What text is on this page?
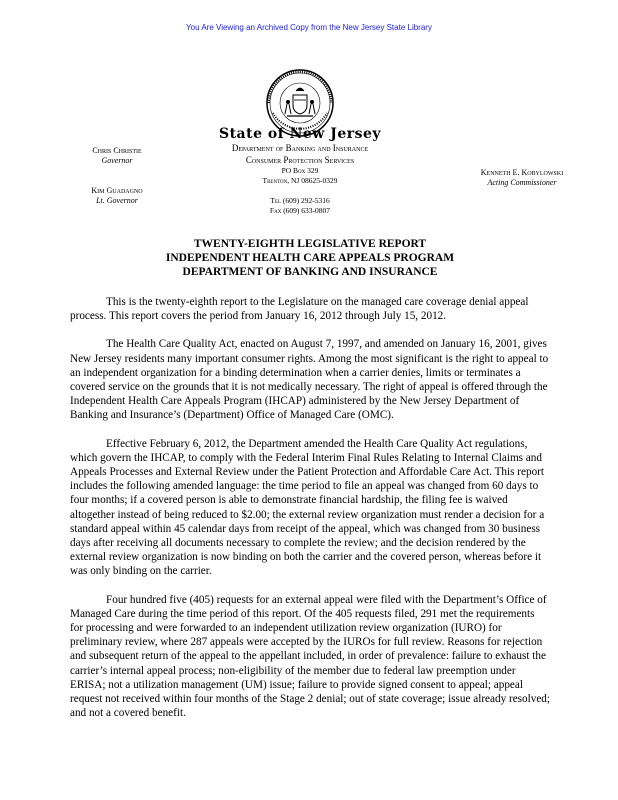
You Are Viewing an Archived Copy from the New Jersey State Library
Chris Christie
Governor
Kim Guadagno
Lt. Governor
State of New Jersey
Department of Banking and Insurance
Consumer Protection Services
PO Box 329
Trenton, NJ 08625-0329
Tel (609) 292-5316
Fax (609) 633-0807
Kenneth E. Kobylowski
Acting Commissioner
TWENTY-EIGHTH LEGISLATIVE REPORT
INDEPENDENT HEALTH CARE APPEALS PROGRAM
DEPARTMENT OF BANKING AND INSURANCE

This is the twenty-eighth report to the Legislature on the managed care coverage denial appeal process. This report covers the period from January 16, 2012 through July 15, 2012.

The Health Care Quality Act, enacted on August 7, 1997, and amended on January 16, 2001, gives New Jersey residents many important consumer rights. Among the most significant is the right to appeal to an independent organization for a binding determination when a carrier denies, limits or terminates a covered service on the grounds that it is not medically necessary. The right of appeal is offered through the Independent Health Care Appeals Program (IHCAP) administered by the New Jersey Department of Banking and Insurance’s (Department) Office of Managed Care (OMC).

Effective February 6, 2012, the Department amended the Health Care Quality Act regulations, which govern the IHCAP, to comply with the Federal Interim Final Rules Relating to Internal Claims and Appeals Processes and External Review under the Patient Protection and Affordable Care Act. This report includes the following amended language: the time period to file an appeal was changed from 60 days to four months; if a covered person is able to demonstrate financial hardship, the filing fee is waived altogether instead of being reduced to $2.00; the external review organization must render a decision for a standard appeal within 45 calendar days from receipt of the appeal, which was changed from 30 business days after receiving all documents necessary to complete the review; and the decision rendered by the external review organization is now binding on both the carrier and the covered person, whereas before it was only binding on the carrier.

Four hundred five (405) requests for an external appeal were filed with the Department’s Office of Managed Care during the time period of this report. Of the 405 requests filed, 291 met the requirements for processing and were forwarded to an independent utilization review organization (IURO) for preliminary review, where 287 appeals were accepted by the IUROs for full review. Reasons for rejection and subsequent return of the appeal to the appellant included, in order of prevalence: failure to exhaust the carrier’s internal appeal process; non-eligibility of the member due to federal law preemption under ERISA; not a utilization management (UM) issue; failure to provide signed consent to appeal; appeal request not received within four months of the Stage 2 denial; out of state coverage; issue already resolved; and not a covered benefit.
